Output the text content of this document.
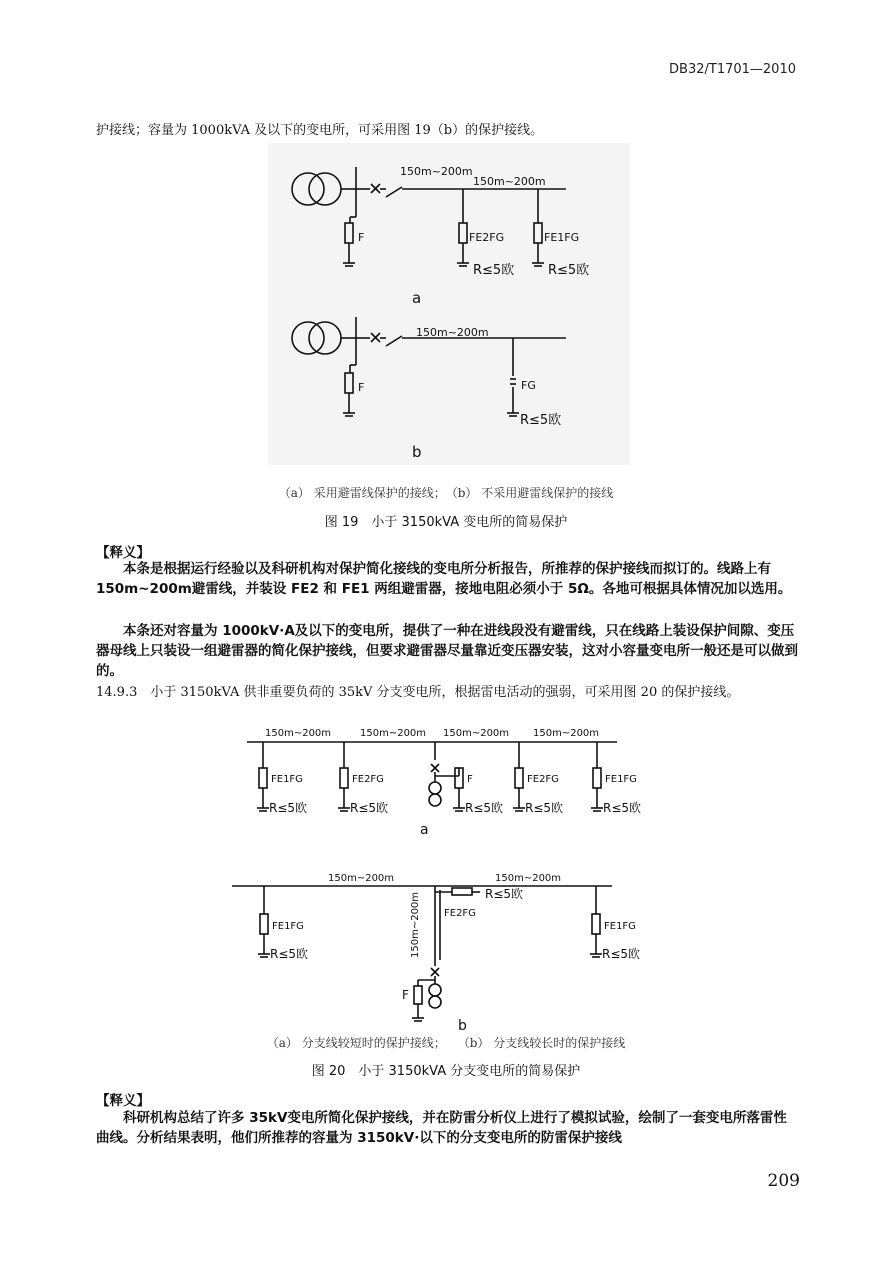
DB32/T1701—2010
护接线；容量为 1000kVA 及以下的变电所，可采用图 19（b）的保护接线。
150m~200m
150m~200m
F	FE2FG	FE1FG
R≤5欧	R≤5欧
a
150m~200m
F	FG
R≤5欧
b
（a） 采用避雷线保护的接线；　（b） 不采用避雷线保护的接线
图 19　小于 3150kVA 变电所的简易保护
【释义】
本条是根据运行经验以及科研机构对保护简化接线的变电所分析报告，所推荐的保护接线而拟订的。线路上有 150m~200m避雷线，并装设 FE2 和 FE1 两组避雷器，接地电阻必须小于 5Ω。各地可根据具体情况加以选用。
本条还对容量为 1000kV·A及以下的变电所，提供了一种在进线段没有避雷线，只在线路上装设保护间隙、变压器母线上只装设一组避雷器的简化保护接线，但要求避雷器尽量靠近变压器安装，这对小容量变电所一般还是可以做到的。
14.9.3　小于 3150kVA 供非重要负荷的 35kV 分支变电所，根据雷电活动的强弱，可采用图 20 的保护接线。
150m~200m	150m~200m 150m~200m 150m~200m
FE1FG	FE2FG	F	FE2FG	FE1FG
R≤5欧	R≤5欧	R≤5欧 R≤5欧	R≤5欧
a
150m~200m	150m~200m
R≤5欧
FE2FG
150m~200m
FE1FG	FE1FG
R≤5欧	R≤5欧
F
b
（a） 分支线较短时的保护接线；　　（b） 分支线较长时的保护接线
图 20　小于 3150kVA 分支变电所的简易保护
【释义】
科研机构总结了许多 35kV变电所简化保护接线，并在防雷分析仪上进行了模拟试验，绘制了一套变电所落雷性曲线。分析结果表明，他们所推荐的容量为 3150kV·以下的分支变电所的防雷保护接线
209
